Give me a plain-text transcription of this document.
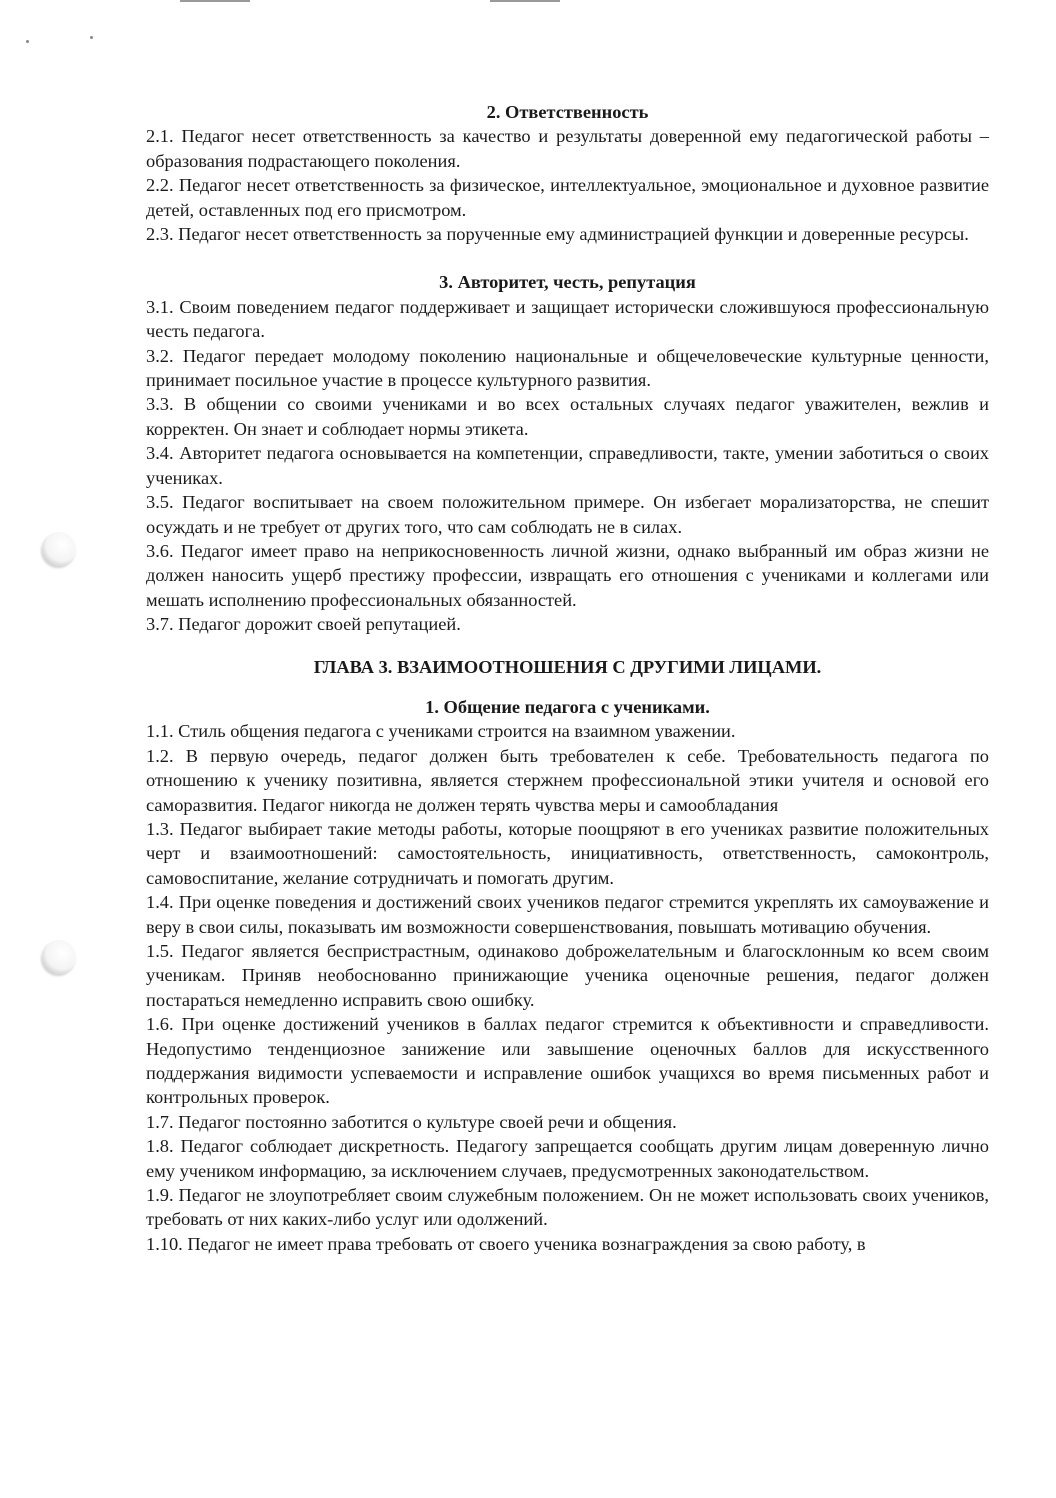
2. Ответственность
2.1. Педагог несет ответственность за качество и результаты доверенной ему педагогической работы – образования подрастающего поколения.
2.2. Педагог несет ответственность за физическое, интеллектуальное, эмоциональное и духовное развитие детей, оставленных под его присмотром.
2.3. Педагог несет ответственность за порученные ему администрацией функции и доверенные ресурсы.
3. Авторитет, честь, репутация
3.1. Своим поведением педагог поддерживает и защищает исторически сложившуюся профессиональную честь педагога.
3.2. Педагог передает молодому поколению национальные и общечеловеческие культурные ценности, принимает посильное участие в процессе культурного развития.
3.3. В общении со своими учениками и во всех остальных случаях педагог уважителен, вежлив и корректен. Он знает и соблюдает нормы этикета.
3.4. Авторитет педагога основывается на компетенции, справедливости, такте, умении заботиться о своих учениках.
3.5. Педагог воспитывает на своем положительном примере. Он избегает морализаторства, не спешит осуждать и не требует от других того, что сам соблюдать не в силах.
3.6. Педагог имеет право на неприкосновенность личной жизни, однако выбранный им образ жизни не должен наносить ущерб престижу профессии, извращать его отношения с учениками и коллегами или мешать исполнению профессиональных обязанностей.
3.7. Педагог дорожит своей репутацией.
ГЛАВА 3. ВЗАИМООТНОШЕНИЯ С ДРУГИМИ ЛИЦАМИ.
1. Общение педагога с учениками.
1.1. Стиль общения педагога с учениками строится на взаимном уважении.
1.2. В первую очередь, педагог должен быть требователен к себе. Требовательность педагога по отношению к ученику позитивна, является стержнем профессиональной этики учителя и основой его саморазвития. Педагог никогда не должен терять чувства меры и самообладания
1.3. Педагог выбирает такие методы работы, которые поощряют в его учениках развитие положительных черт и взаимоотношений: самостоятельность, инициативность, ответственность, самоконтроль, самовоспитание, желание сотрудничать и помогать другим.
1.4. При оценке поведения и достижений своих учеников педагог стремится укреплять их самоуважение и веру в свои силы, показывать им возможности совершенствования, повышать мотивацию обучения.
1.5. Педагог является беспристрастным, одинаково доброжелательным и благосклонным ко всем своим ученикам. Приняв необоснованно принижающие ученика оценочные решения, педагог должен постараться немедленно исправить свою ошибку.
1.6. При оценке достижений учеников в баллах педагог стремится к объективности и справедливости. Недопустимо тенденциозное занижение или завышение оценочных баллов для искусственного поддержания видимости успеваемости и исправление ошибок учащихся во время письменных работ и контрольных проверок.
1.7. Педагог постоянно заботится о культуре своей речи и общения.
1.8. Педагог соблюдает дискретность. Педагогу запрещается сообщать другим лицам доверенную лично ему учеником информацию, за исключением случаев, предусмотренных законодательством.
1.9. Педагог не злоупотребляет своим служебным положением. Он не может использовать своих учеников, требовать от них каких-либо услуг или одолжений.
1.10. Педагог не имеет права требовать от своего ученика вознаграждения за свою работу, в
